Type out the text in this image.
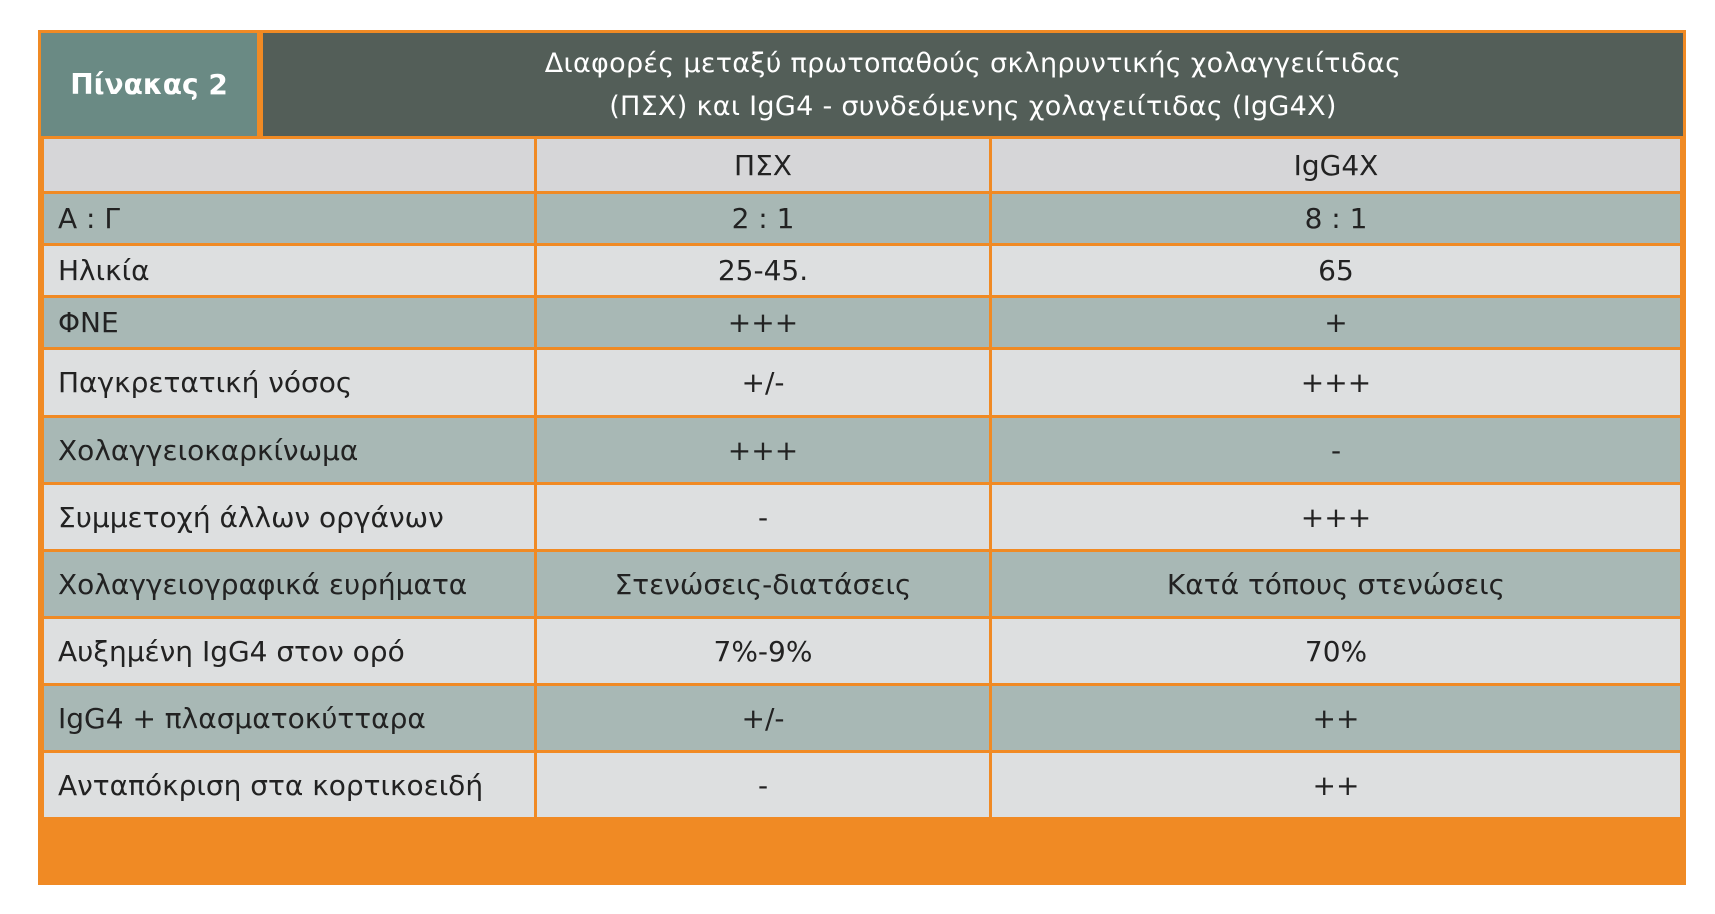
Πίνακας 2
Διαφορές μεταξύ πρωτοπαθούς σκληρυντικής χολαγγειίτιδας
(ΠΣΧ) και IgG4 - συνδεόμενης χολαγειίτιδας (IgG4X)
	ΠΣΧ	IgG4X
Α : Γ	2 : 1	8 : 1
Ηλικία	25-45.	65
ΦΝΕ	+++	+
Παγκρετατική νόσος	+/-	+++
Χολαγγειοκαρκίνωμα	+++	-
Συμμετοχή άλλων οργάνων	-	+++
Χολαγγειογραφικά ευρήματα	Στενώσεις-διατάσεις	Κατά τόπους στενώσεις
Αυξημένη IgG4 στον ορό	7%-9%	70%
IgG4 + πλασματοκύτταρα	+/-	++
Ανταπόκριση στα κορτικοειδή	-	++
